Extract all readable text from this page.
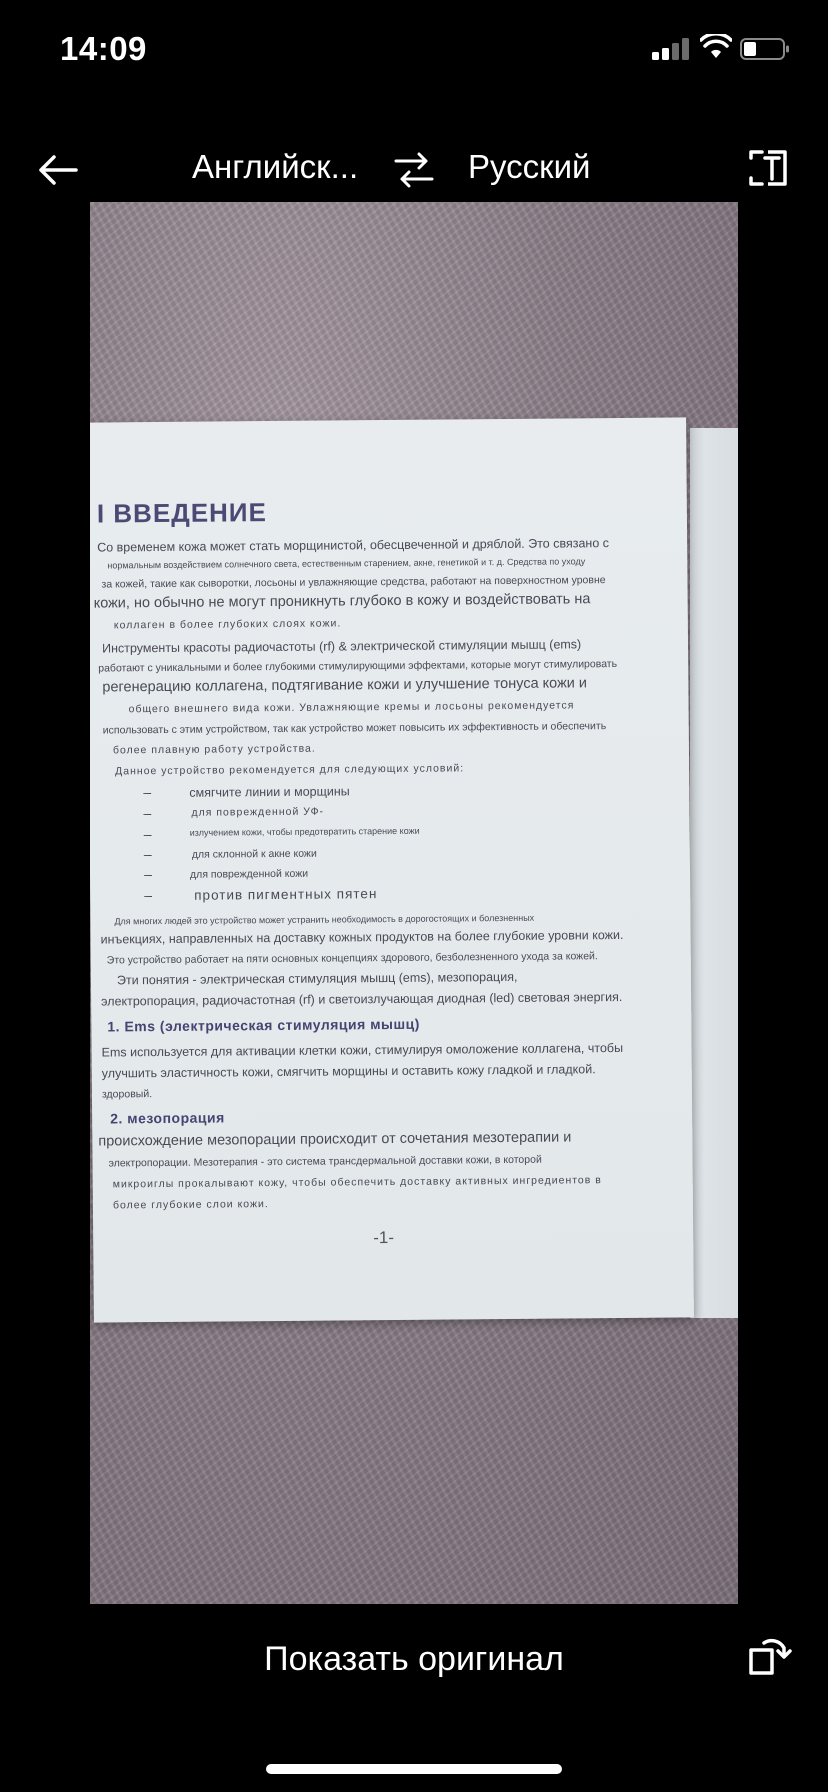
14:09
Английск...	Русский
I ВВЕДЕНИЕ
Со временем кожа может стать морщинистой, обесцвеченной и дряблой. Это связано с
нормальным воздействием солнечного света, естественным старением, акне, генетикой и т. д. Средства по уходу
за кожей, такие как сыворотки, лосьоны и увлажняющие средства, работают на поверхностном уровне
кожи, но обычно не могут проникнуть глубоко в кожу и воздействовать на
коллаген в более глубоких слоях кожи.
Инструменты красоты радиочастоты (rf) & электрической стимуляции мышц (ems)
работают с уникальными и более глубокими стимулирующими эффектами, которые могут стимулировать
регенерацию коллагена, подтягивание кожи и улучшение тонуса кожи и
общего внешнего вида кожи. Увлажняющие кремы и лосьоны рекомендуется
использовать с этим устройством, так как устройство может повысить их эффективность и обеспечить
более плавную работу устройства.
Данное устройство рекомендуется для следующих условий:
–	смягчите линии и морщины
–	для поврежденной УФ-
–	излучением кожи, чтобы предотвратить старение кожи
–	для склонной к акне кожи
–	для поврежденной кожи
–	против пигментных пятен
Для многих людей это устройство может устранить необходимость в дорогостоящих и болезненных
инъекциях, направленных на доставку кожных продуктов на более глубокие уровни кожи.
Это устройство работает на пяти основных концепциях здорового, безболезненного ухода за кожей.
Эти понятия - электрическая стимуляция мышц (ems), мезопорация,
электропорация, радиочастотная (rf) и светоизлучающая диодная (led) световая энергия.
1. Ems (электрическая стимуляция мышц)
Ems используется для активации клетки кожи, стимулируя омоложение коллагена, чтобы
улучшить эластичность кожи, смягчить морщины и оставить кожу гладкой и гладкой.
здоровый.
2. мезопорация
происхождение мезопорации происходит от сочетания мезотерапии и
электропорации. Мезотерапия - это система трансдермальной доставки кожи, в которой
микроиглы прокалывают кожу, чтобы обеспечить доставку активных ингредиентов в
более глубокие слои кожи.
-1-
Показать оригинал
